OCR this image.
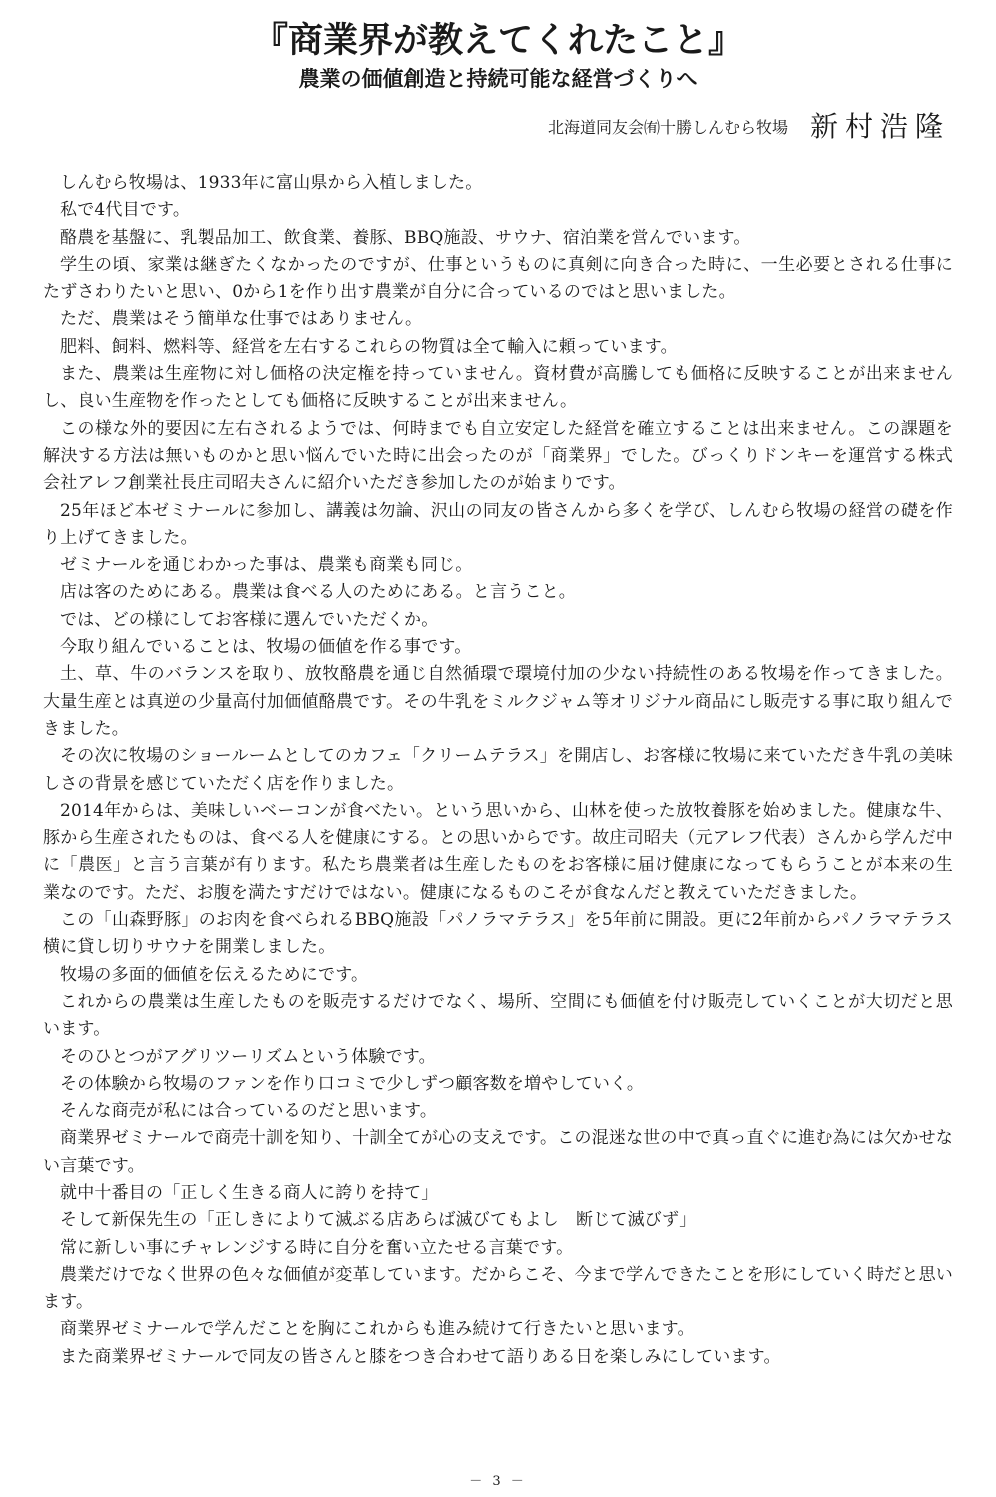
『商業界が教えてくれたこと』
農業の価値創造と持続可能な経営づくりへ
北海道同友会㈲十勝しんむら牧場 新村浩隆

しんむら牧場は、1933年に富山県から入植しました。

私で4代目です。

酪農を基盤に、乳製品加工、飲食業、養豚、BBQ施設、サウナ、宿泊業を営んでいます。

学生の頃、家業は継ぎたくなかったのですが、仕事というものに真剣に向き合った時に、一生必要とされる仕事にたずさわりたいと思い、0から1を作り出す農業が自分に合っているのではと思いました。

ただ、農業はそう簡単な仕事ではありません。

肥料、飼料、燃料等、経営を左右するこれらの物質は全て輸入に頼っています。

また、農業は生産物に対し価格の決定権を持っていません。資材費が高騰しても価格に反映することが出来ませんし、良い生産物を作ったとしても価格に反映することが出来ません。

この様な外的要因に左右されるようでは、何時までも自立安定した経営を確立することは出来ません。この課題を解決する方法は無いものかと思い悩んでいた時に出会ったのが「商業界」でした。びっくりドンキーを運営する株式会社アレフ創業社長庄司昭夫さんに紹介いただき参加したのが始まりです。

25年ほど本ゼミナールに参加し、講義は勿論、沢山の同友の皆さんから多くを学び、しんむら牧場の経営の礎を作り上げてきました。

ゼミナールを通じわかった事は、農業も商業も同じ。

店は客のためにある。農業は食べる人のためにある。と言うこと。

では、どの様にしてお客様に選んでいただくか。

今取り組んでいることは、牧場の価値を作る事です。

土、草、牛のバランスを取り、放牧酪農を通じ自然循環で環境付加の少ない持続性のある牧場を作ってきました。大量生産とは真逆の少量高付加価値酪農です。その牛乳をミルクジャム等オリジナル商品にし販売する事に取り組んできました。

その次に牧場のショールームとしてのカフェ「クリームテラス」を開店し、お客様に牧場に来ていただき牛乳の美味しさの背景を感じていただく店を作りました。

2014年からは、美味しいベーコンが食べたい。という思いから、山林を使った放牧養豚を始めました。健康な牛、豚から生産されたものは、食べる人を健康にする。との思いからです。故庄司昭夫（元アレフ代表）さんから学んだ中に「農医」と言う言葉が有ります。私たち農業者は生産したものをお客様に届け健康になってもらうことが本来の生業なのです。ただ、お腹を満たすだけではない。健康になるものこそが食なんだと教えていただきました。

この「山森野豚」のお肉を食べられるBBQ施設「パノラマテラス」を5年前に開設。更に2年前からパノラマテラス横に貸し切りサウナを開業しました。

牧場の多面的価値を伝えるためにです。

これからの農業は生産したものを販売するだけでなく、場所、空間にも価値を付け販売していくことが大切だと思います。

そのひとつがアグリツーリズムという体験です。

その体験から牧場のファンを作り口コミで少しずつ顧客数を増やしていく。

そんな商売が私には合っているのだと思います。

商業界ゼミナールで商売十訓を知り、十訓全てが心の支えです。この混迷な世の中で真っ直ぐに進む為には欠かせない言葉です。

就中十番目の「正しく生きる商人に誇りを持て」

そして新保先生の「正しきによりて滅ぶる店あらば滅びてもよし　断じて滅びず」

常に新しい事にチャレンジする時に自分を奮い立たせる言葉です。

農業だけでなく世界の色々な価値が変革しています。だからこそ、今まで学んできたことを形にしていく時だと思います。

商業界ゼミナールで学んだことを胸にこれからも進み続けて行きたいと思います。

また商業界ゼミナールで同友の皆さんと膝をつき合わせて語りある日を楽しみにしています。

－ 3 －
